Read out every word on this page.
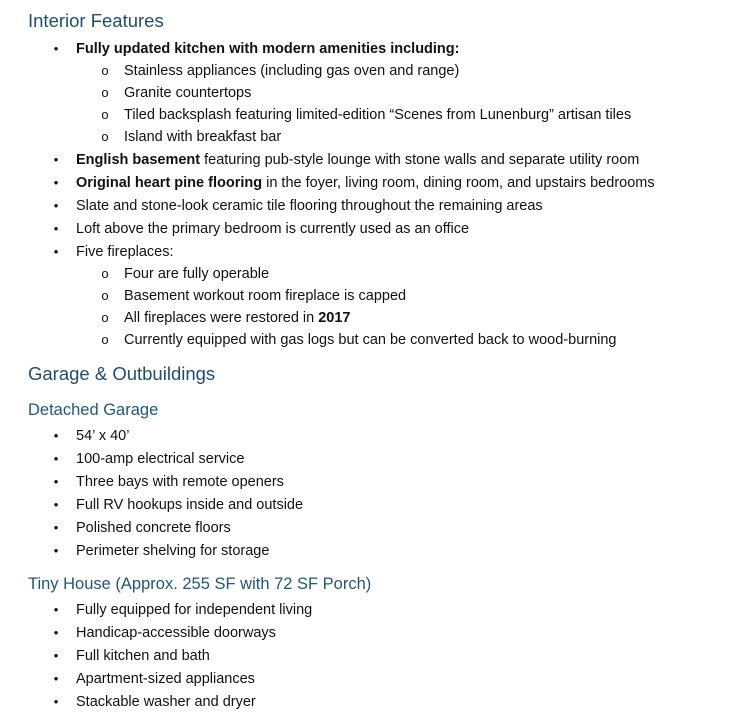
Interior Features
• Fully updated kitchen with modern amenities including:
o Stainless appliances (including gas oven and range)
o Granite countertops
o Tiled backsplash featuring limited-edition “Scenes from Lunenburg” artisan tiles
o Island with breakfast bar
• English basement featuring pub-style lounge with stone walls and separate utility room
• Original heart pine flooring in the foyer, living room, dining room, and upstairs bedrooms
• Slate and stone-look ceramic tile flooring throughout the remaining areas
• Loft above the primary bedroom is currently used as an office
• Five fireplaces:
o Four are fully operable
o Basement workout room fireplace is capped
o All fireplaces were restored in 2017
o Currently equipped with gas logs but can be converted back to wood-burning
Garage & Outbuildings
Detached Garage
• 54’ x 40’
• 100-amp electrical service
• Three bays with remote openers
• Full RV hookups inside and outside
• Polished concrete floors
• Perimeter shelving for storage
Tiny House (Approx. 255 SF with 72 SF Porch)
• Fully equipped for independent living
• Handicap-accessible doorways
• Full kitchen and bath
• Apartment-sized appliances
• Stackable washer and dryer
